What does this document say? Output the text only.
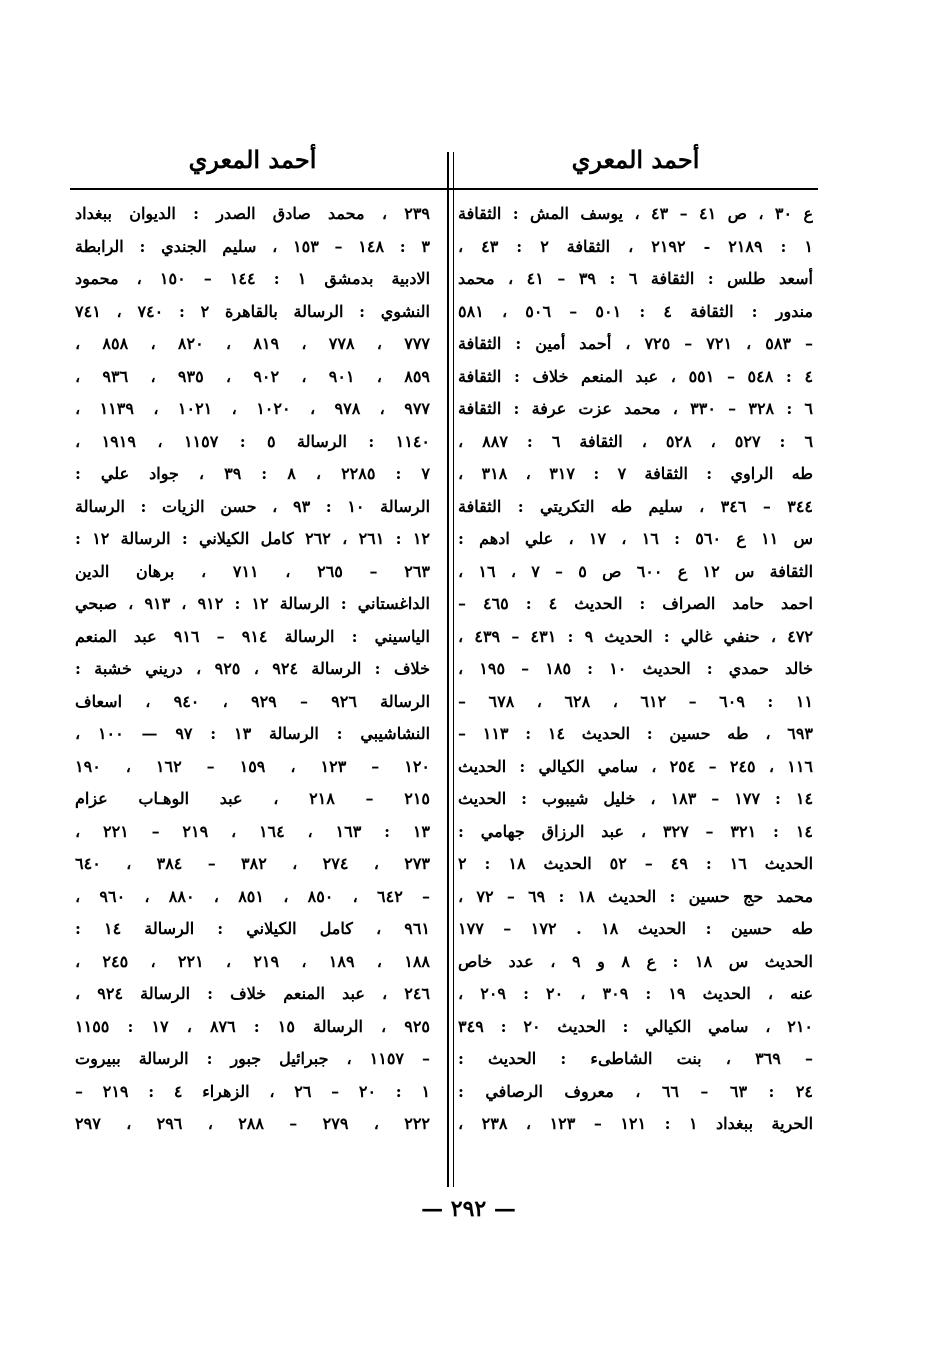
أحمد المعري
ع ٣٠ ، ص ٤١ – ٤٣ ، يوسف المش : الثقافة
١ : ٢١٨٩ - ٢١٩٢ ، الثقافة ٢ : ٤٣ ،
أسعد طلس : الثقافة ٦ : ٣٩ – ٤١ ، محمد
مندور : الثقافة ٤ : ٥٠١ – ٥٠٦ ، ٥٨١
– ٥٨٣ ، ٧٢١ – ٧٢٥ ، أحمد أمين : الثقافة
٤ : ٥٤٨ – ٥٥١ ، عبد المنعم خلاف : الثقافة
٦ : ٣٢٨ – ٣٣٠ ، محمد عزت عرفة : الثقافة
٦ : ٥٢٧ ، ٥٢٨ ، الثقافة ٦ : ٨٨٧ ،
طه الراوي : الثقافة ٧ : ٣١٧ ، ٣١٨ ،
٣٤٤ – ٣٤٦ ، سليم طه التكريتي : الثقافة
س ١١ ع ٥٦٠ : ١٦ ، ١٧ ، علي ادهم :
الثقافة س ١٢ ع ٦٠٠ ص ٥ – ٧ ، ١٦ ،
احمد حامد الصراف : الحديث ٤ : ٤٦٥ –
٤٧٢ ، حنفي غالي : الحديث ٩ : ٤٣١ – ٤٣٩ ،
خالد حمدي : الحديث ١٠ : ١٨٥ – ١٩٥ ،
١١ : ٦٠٩ – ٦١٢ ، ٦٢٨ ، ٦٧٨ –
٦٩٣ ، طه حسين : الحديث ١٤ : ١١٣ –
١١٦ ، ٢٤٥ – ٢٥٤ ، سامي الكيالي : الحديث
١٤ : ١٧٧ – ١٨٣ ، خليل شيبوب : الحديث
١٤ : ٣٢١ – ٣٢٧ ، عبد الرزاق جهامي :
الحديث ١٦ : ٤٩ – ٥٢ الحديث ١٨ : ٢
محمد حج حسين : الحديث ١٨ : ٦٩ – ٧٢ ،
طه حسين : الحديث ١٨ . ١٧٢ – ١٧٧
الحديث س ١٨ : ع ٨ و ٩ ، عدد خاص
عنه ، الحديث ١٩ : ٣٠٩ ، ٢٠ : ٢٠٩ ،
٢١٠ ، سامي الكيالي : الحديث ٢٠ : ٣٤٩
– ٣٦٩ ، بنت الشاطىء : الحديث :
٢٤ : ٦٣ – ٦٦ ، معروف الرصافي :
الحرية ببغداد ١ : ١٢١ – ١٢٣ ، ٢٣٨ ،
أحمد المعري
٢٣٩ ، محمد صادق الصدر : الديوان ببغداد
٣ : ١٤٨ – ١٥٣ ، سليم الجندي : الرابطة
الادبية بدمشق ١ : ١٤٤ – ١٥٠ ، محمود
النشوي : الرسالة بالقاهرة ٢ : ٧٤٠ ، ٧٤١
٧٧٧ ، ٧٧٨ ، ٨١٩ ، ٨٢٠ ، ٨٥٨ ،
٨٥٩ ، ٩٠١ ، ٩٠٢ ، ٩٣٥ ، ٩٣٦ ،
٩٧٧ ، ٩٧٨ ، ١٠٢٠ ، ١٠٢١ ، ١١٣٩ ،
١١٤٠ : الرسالة ٥ : ١١٥٧ ، ١٩١٩ ،
٧ : ٢٢٨٥ ، ٨ : ٣٩ ، جواد علي :
الرسالة ١٠ : ٩٣ ، حسن الزيات : الرسالة
١٢ : ٢٦١ ، ٢٦٢ كامل الكيلاني : الرسالة ١٢ :
٢٦٣ – ٢٦٥ ، ٧١١ ، برهان الدين
الداغستاني : الرسالة ١٢ : ٩١٢ ، ٩١٣ ، صبحي
الياسيني : الرسالة ٩١٤ – ٩١٦ عبد المنعم
خلاف : الرسالة ٩٢٤ ، ٩٢٥ ، دريني خشبة :
الرسالة ٩٢٦ – ٩٢٩ ، ٩٤٠ ، اسعاف
النشاشيبي : الرسالة ١٣ : ٩٧ — ١٠٠ ،
١٢٠ – ١٢٣ ، ١٥٩ – ١٦٢ ، ١٩٠
٢١٥ – ٢١٨ ، عبد الوهـاب عزام
١٣ : ١٦٣ ، ١٦٤ ، ٢١٩ – ٢٢١ ،
٢٧٣ ، ٢٧٤ ، ٣٨٢ – ٣٨٤ ، ٦٤٠
– ٦٤٢ ، ٨٥٠ ، ٨٥١ ، ٨٨٠ ، ٩٦٠ ،
٩٦١ ، كامل الكيلاني : الرسالة ١٤ :
١٨٨ ، ١٨٩ ، ٢١٩ ، ٢٢١ ، ٢٤٥ ،
٢٤٦ ، عبد المنعم خلاف : الرسالة ٩٢٤ ،
٩٢٥ ، الرسالة ١٥ : ٨٧٦ ، ١٧ : ١١٥٥
– ١١٥٧ ، جبرائيل جبور : الرسالة ببيروت
١ : ٢٠ – ٢٦ ، الزهراء ٤ : ٢١٩ –
٢٢٢ ، ٢٧٩ – ٢٨٨ ، ٢٩٦ ، ٢٩٧
— ٢٩٢ —
